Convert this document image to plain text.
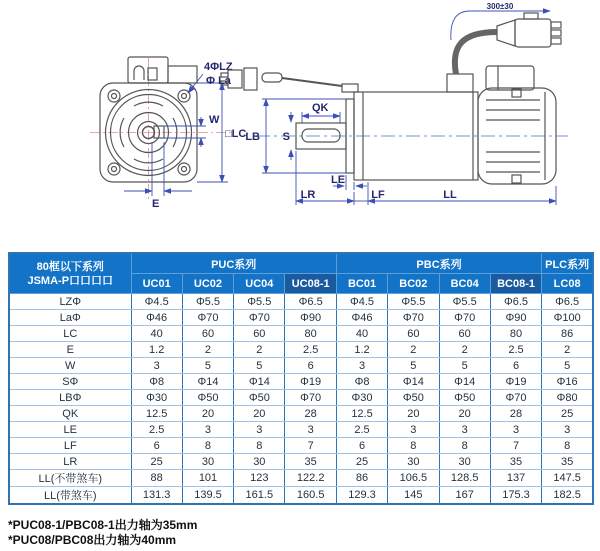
4ΦLZ
Φ La
W
□LC
E
300±30
QK
S
LB
LE
LR	LF	LL
80框以下系列
JSMA-P口口口口	PUC系列				PBC系列				PLC系列
	UC01	UC02	UC04	UC08-1	BC01	BC02	BC04	BC08-1	LC08
LZΦ	Φ4.5	Φ5.5	Φ5.5	Φ6.5	Φ4.5	Φ5.5	Φ5.5	Φ6.5	Φ6.5
LaΦ	Φ46	Φ70	Φ70	Φ90	Φ46	Φ70	Φ70	Φ90	Φ100
LC	40	60	60	80	40	60	60	80	86
E	1.2	2	2	2.5	1.2	2	2	2.5	2
W	3	5	5	6	3	5	5	6	5
SΦ	Φ8	Φ14	Φ14	Φ19	Φ8	Φ14	Φ14	Φ19	Φ16
LBΦ	Φ30	Φ50	Φ50	Φ70	Φ30	Φ50	Φ50	Φ70	Φ80
QK	12.5	20	20	28	12.5	20	20	28	25
LE	2.5	3	3	3	2.5	3	3	3	3
LF	6	8	8	7	6	8	8	7	8
LR	25	30	30	35	25	30	30	35	35
LL(不带煞车)	88	101	123	122.2	86	106.5	128.5	137	147.5
LL(带煞车)	131.3	139.5	161.5	160.5	129.3	145	167	175.3	182.5
*PUC08-1/PBC08-1出力轴为35mm
*PUC08/PBC08出力轴为40mm
